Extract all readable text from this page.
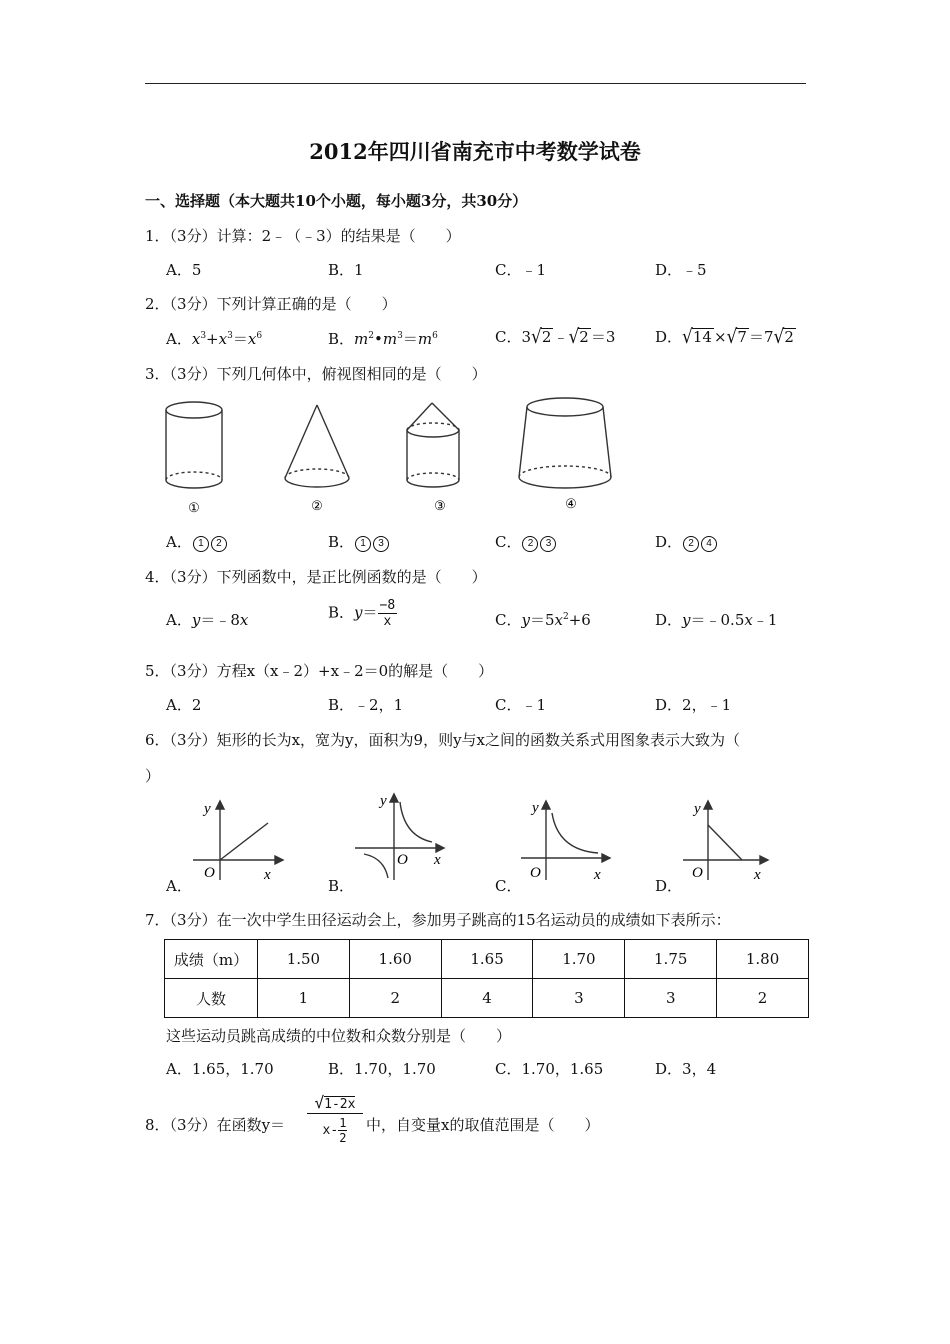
2012年四川省南充市中考数学试卷
一、选择题（本大题共10个小题，每小题3分，共30分）
1．（3分）计算：2﹣（﹣3）的结果是（　　）
A．5	B．1	C．﹣1	D．﹣5
2．（3分）下列计算正确的是（　　）
A．$x^3+x^3=x^6$	B．$m^2•m^3=m^6$	C．3√2 ﹣√2 ＝3	D．√14 ×√7 ＝7√2
3．（3分）下列几何体中，俯视图相同的是（　　）
①	②	③	④
A． 1 2	B． 1 3	C． 2 3	D． 2 4
4．（3分）下列函数中，是正比例函数的是（　　）
A．y＝﹣8x	B．$y= \frac{-8}{x}$	C．$y=5x^2+6$	D．y＝﹣0.5x﹣1
5．（3分）方程x（x﹣2）+x﹣2＝0的解是（　　）
A．2	B．﹣2，1	C．﹣1	D．2，﹣1
6．（3分）矩形的长为x，宽为y，面积为9，则y与x之间的函数关系式用图象表示大致为（
）
A．
y
O	x
B．
y
O x
C．
y
O	x
D．
y
O	x
7．（3分）在一次中学生田径运动会上，参加男子跳高的15名运动员的成绩如下表所示：
成绩（m）	1.50	1.60	1.65	1.70	1.75	1.80
人数	1	2	4	3	3	2
这些运动员跳高成绩的中位数和众数分别是（　　）
A．1.65，1.70	B．1.70，1.70	C．1.70，1.65	D．3，4
8．（3分）在函数y＝
√1-2x
x- 1
2
中，自变量x的取值范围是（　　）
